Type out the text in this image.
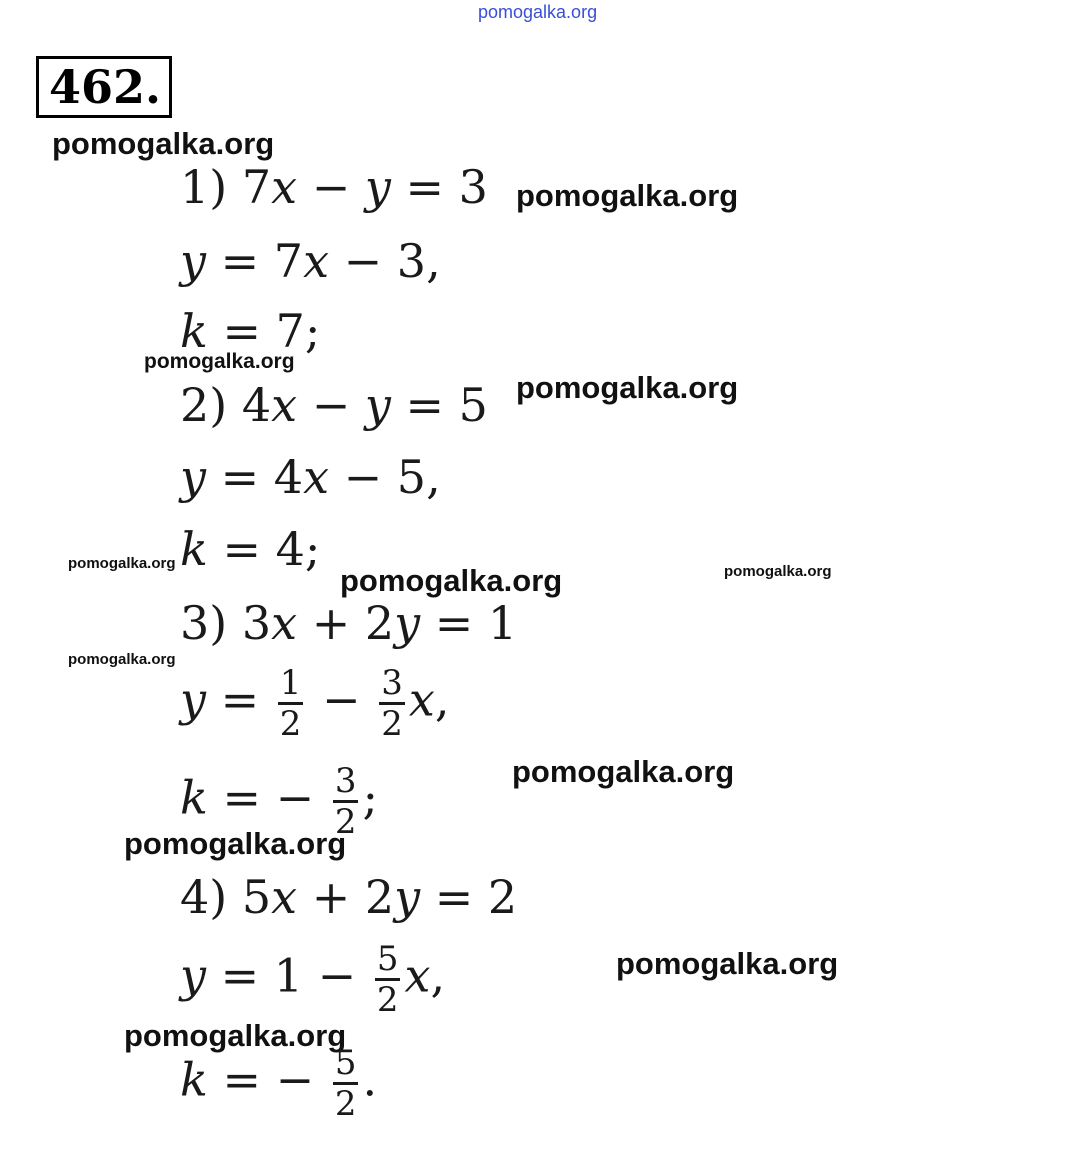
pomogalka.org
462.
pomogalka.org
pomogalka.org
pomogalka.org
pomogalka.org
pomogalka.org	pomogalka.org	pomogalka.org
pomogalka.org
pomogalka.org
pomogalka.org
pomogalka.org
pomogalka.org
1) 7x − y = 3
y = 7x − 3,
k = 7;
2) 4x − y = 5
y = 4x − 5,
k = 4;
3) 3x + 2y = 1
$y = \frac{1}{2} - \frac{3}{2} x$,
k = − $\frac{3}{2}$ ;
4) 5x + 2y = 2
$y = 1 - \frac{5}{2} x$,
k = − $\frac{5}{2}$ .
